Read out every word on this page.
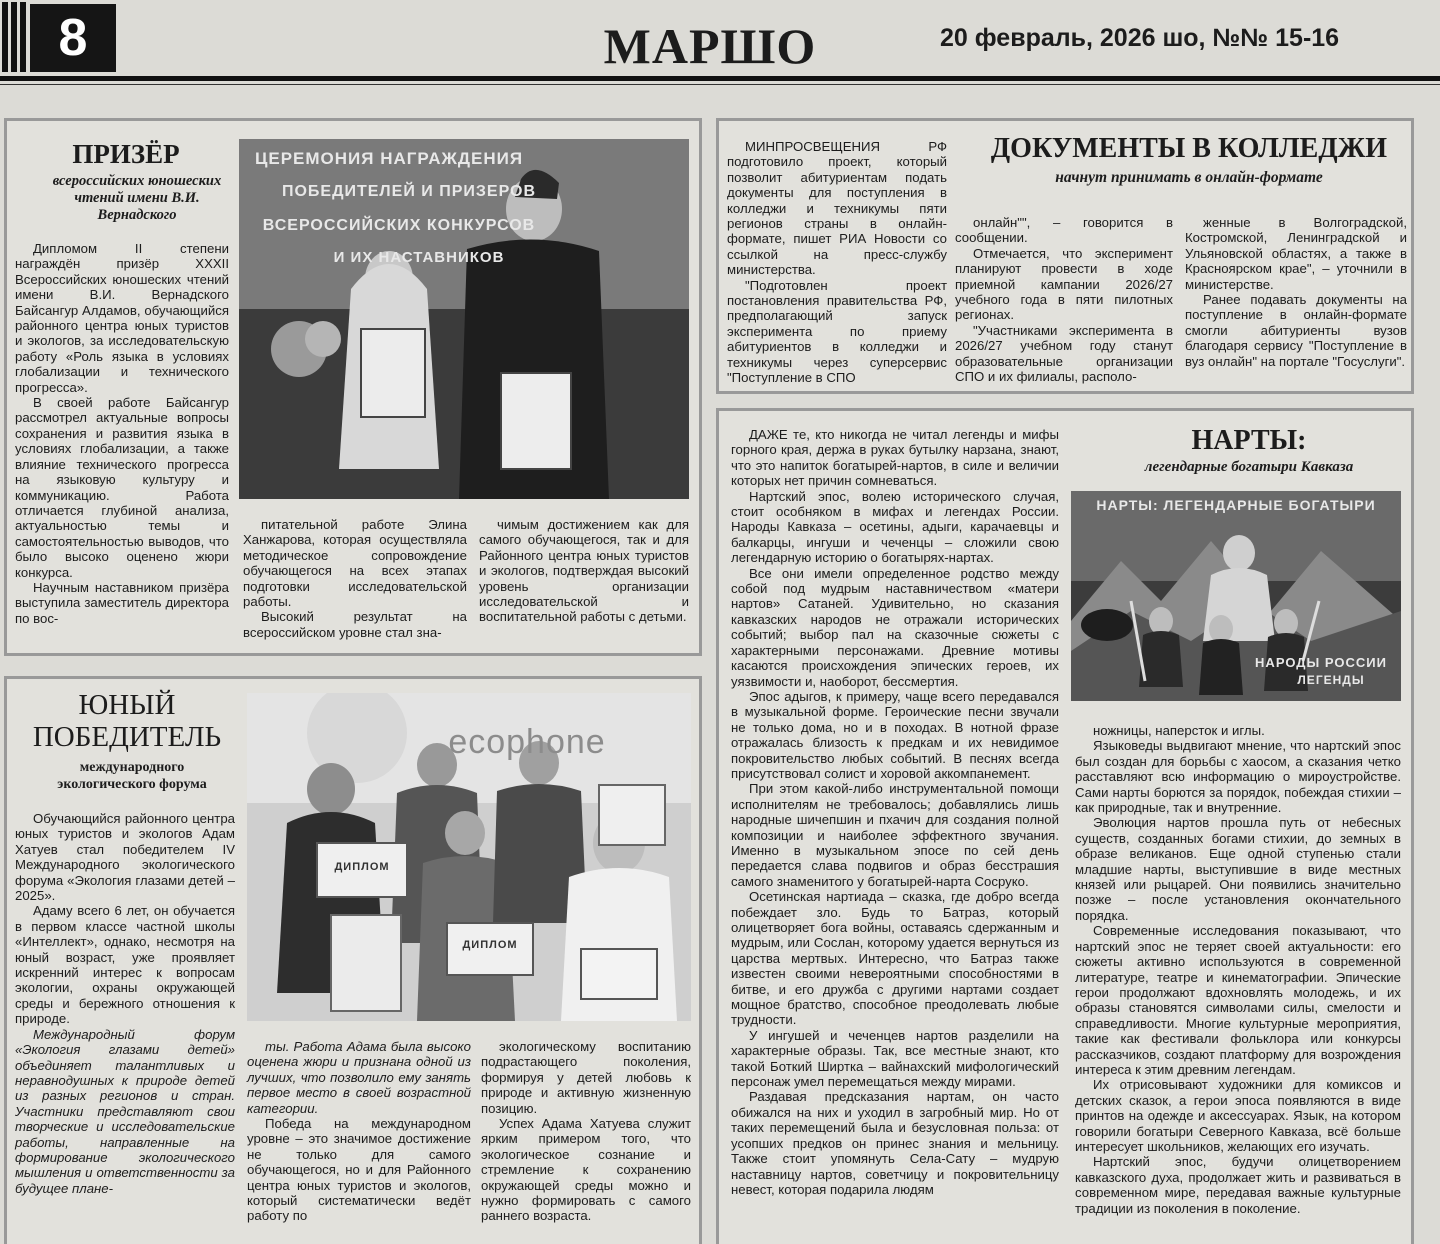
8	МАРШО	20 февраль, 2026 шо, №№ 15-16
ПРИЗЁР
всероссийских юношеских чтений имени В.И. Вернадского
ЦЕРЕМОНИЯ НАГРАЖДЕНИЯ
ПОБЕДИТЕЛЕЙ И ПРИЗЕРОВ
ВСЕРОССИЙСКИХ КОНКУРСОВ
И ИХ НАСТАВНИКОВ

Дипломом II степени награждён призёр XXXII Всероссийских юношеских чтений имени В.И. Вернадского Байсангур Алдамов, обучающийся районного центра юных туристов и экологов, за исследовательскую работу «Роль языка в условиях глобализации и технического прогресса».

В своей работе Байсангур рассмотрел актуальные вопросы сохранения и развития языка в условиях глобализации, а также влияние технического прогресса на языковую культуру и коммуникацию. Работа отличается глубиной анализа, актуальностью темы и самостоятельностью выводов, что было высоко оценено жюри конкурса.

Научным наставником призёра выступила заместитель директора по вос-

питательной работе Элина Ханжарова, которая осуществляла методическое сопровождение обучающегося на всех этапах подготовки исследовательской работы.

Высокий результат на всероссийском уровне стал зна-

чимым достижением как для самого обучающегося, так и для Районного центра юных туристов и экологов, подтверждая высокий уровень организации исследовательской и воспитательной работы с детьми.

ДОКУМЕНТЫ В КОЛЛЕДЖИ
начнут принимать в онлайн-формате

МИНПРОСВЕЩЕНИЯ РФ подготовило проект, который позволит абитуриентам подать документы для поступления в колледжи и техникумы пяти регионов страны в онлайн-формате, пишет РИА Новости со ссылкой на пресс-службу министерства.

"Подготовлен проект постановления правительства РФ, предполагающий запуск эксперимента по приему абитуриентов в колледжи и техникумы через суперсервис "Поступление в СПО

онлайн"", – говорится в сообщении.

Отмечается, что эксперимент планируют провести в ходе приемной кампании 2026/27 учебного года в пяти пилотных регионах.

"Участниками эксперимента в 2026/27 учебном году станут образовательные организации СПО и их филиалы, располо-

женные в Волгоградской, Костромской, Ленинградской и Ульяновской областях, а также в Красноярском крае", – уточнили в министерстве.

Ранее подавать документы на поступление в онлайн-формате смогли абитуриенты вузов благодаря сервису "Поступление в вуз онлайн" на портале "Госуслуги".

ЮНЫЙ
ПОБЕДИТЕЛЬ
международного экологического форума
ecophone
ДИПЛОМ
ДИПЛОМ

Обучающийся районного центра юных туристов и экологов Адам Хатуев стал победителем IV Международного экологического форума «Экология глазами детей – 2025».

Адаму всего 6 лет, он обучается в первом классе частной школы «Интеллект», однако, несмотря на юный возраст, уже проявляет искренний интерес к вопросам экологии, охраны окружающей среды и бережного отношения к природе.

Международный форум «Экология глазами детей» объединяет талантливых и неравнодушных к природе детей из разных регионов и стран. Участники представляют свои творческие и исследовательские работы, направленные на формирование экологического мышления и ответственности за будущее плане-

ты. Работа Адама была высоко оценена жюри и признана одной из лучших, что позволило ему занять первое место в своей возрастной категории.

Победа на международном уровне – это значимое достижение не только для самого обучающегося, но и для Районного центра юных туристов и экологов, который систематически ведёт работу по

экологическому воспитанию подрастающего поколения, формируя у детей любовь к природе и активную жизненную позицию.

Успех Адама Хатуева служит ярким примером того, что экологическое сознание и стремление к сохранению окружающей среды можно и нужно формировать с самого раннего возраста.

НАРТЫ:
легендарные богатыри Кавказа
НАРТЫ: ЛЕГЕНДАРНЫЕ БОГАТЫРИ
НАРОДЫ РОССИИ
ЛЕГЕНДЫ

ДАЖЕ те, кто никогда не читал легенды и мифы горного края, держа в руках бутылку нарзана, знают, что это напиток богатырей-нартов, в силе и величии которых нет причин сомневаться.

Нартский эпос, волею исторического случая, стоит особняком в мифах и легендах России. Народы Кавказа – осетины, адыги, карачаевцы и балкарцы, ингуши и чеченцы – сложили свою легендарную историю о богатырях-нартах.

Все они имели определенное родство между собой под мудрым наставничеством «матери нартов» Сатаней. Удивительно, но сказания кавказских народов не отражали исторических событий; выбор пал на сказочные сюжеты с характерными персонажами. Древние мотивы касаются происхождения эпических героев, их уязвимости и, наоборот, бессмертия.

Эпос адыгов, к примеру, чаще всего передавался в музыкальной форме. Героические песни звучали не только дома, но и в походах. В нотной фразе отражалась близость к предкам и их невидимое покровительство любых событий. В песнях всегда присутствовал солист и хоровой аккомпанемент.

При этом какой-либо инструментальной помощи исполнителям не требовалось; добавлялись лишь народные шичепшин и пхачич для создания полной композиции и наиболее эффектного звучания. Именно в музыкальном эпосе по сей день передается слава подвигов и образ бесстрашия самого знаменитого у богатырей-нарта Сосруко.

Осетинская нартиада – сказка, где добро всегда побеждает зло. Будь то Батраз, который олицетворяет бога войны, оставаясь сдержанным и мудрым, или Сослан, которому удается вернуться из царства мертвых. Интересно, что Батраз также известен своими невероятными способностями в битве, и его дружба с другими нартами создает мощное братство, способное преодолевать любые трудности.

У ингушей и чеченцев нартов разделили на характерные образы. Так, все местные знают, кто такой Боткий Ширтка – вайнахский мифологический персонаж умел перемещаться между мирами.

Раздавая предсказания нартам, он часто обижался на них и уходил в загробный мир. Но от таких перемещений была и безусловная польза: от усопших предков он принес знания и мельницу. Также стоит упомянуть Села-Сату – мудрую наставницу нартов, советчицу и покровительницу невест, которая подарила людям

ножницы, наперсток и иглы.

Языковеды выдвигают мнение, что нартский эпос был создан для борьбы с хаосом, а сказания четко расставляют всю информацию о мироустройстве. Сами нарты борются за порядок, побеждая стихии – как природные, так и внутренние.

Эволюция нартов прошла путь от небесных существ, созданных богами стихии, до земных в образе великанов. Еще одной ступенью стали младшие нарты, выступившие в виде местных князей или рыцарей. Они появились значительно позже – после установления окончательного порядка.

Современные исследования показывают, что нартский эпос не теряет своей актуальности: его сюжеты активно используются в современной литературе, театре и кинематографии. Эпические герои продолжают вдохновлять молодежь, и их образы становятся символами силы, смелости и справедливости. Многие культурные мероприятия, такие как фестивали фольклора или конкурсы рассказчиков, создают платформу для возрождения интереса к этим древним легендам.

Их отрисовывают художники для комиксов и детских сказок, а герои эпоса появляются в виде принтов на одежде и аксессуарах. Язык, на котором говорили богатыри Северного Кавказа, всё больше интересует школьников, желающих его изучать.

Нартский эпос, будучи олицетворением кавказского духа, продолжает жить и развиваться в современном мире, передавая важные культурные традиции из поколения в поколение.
